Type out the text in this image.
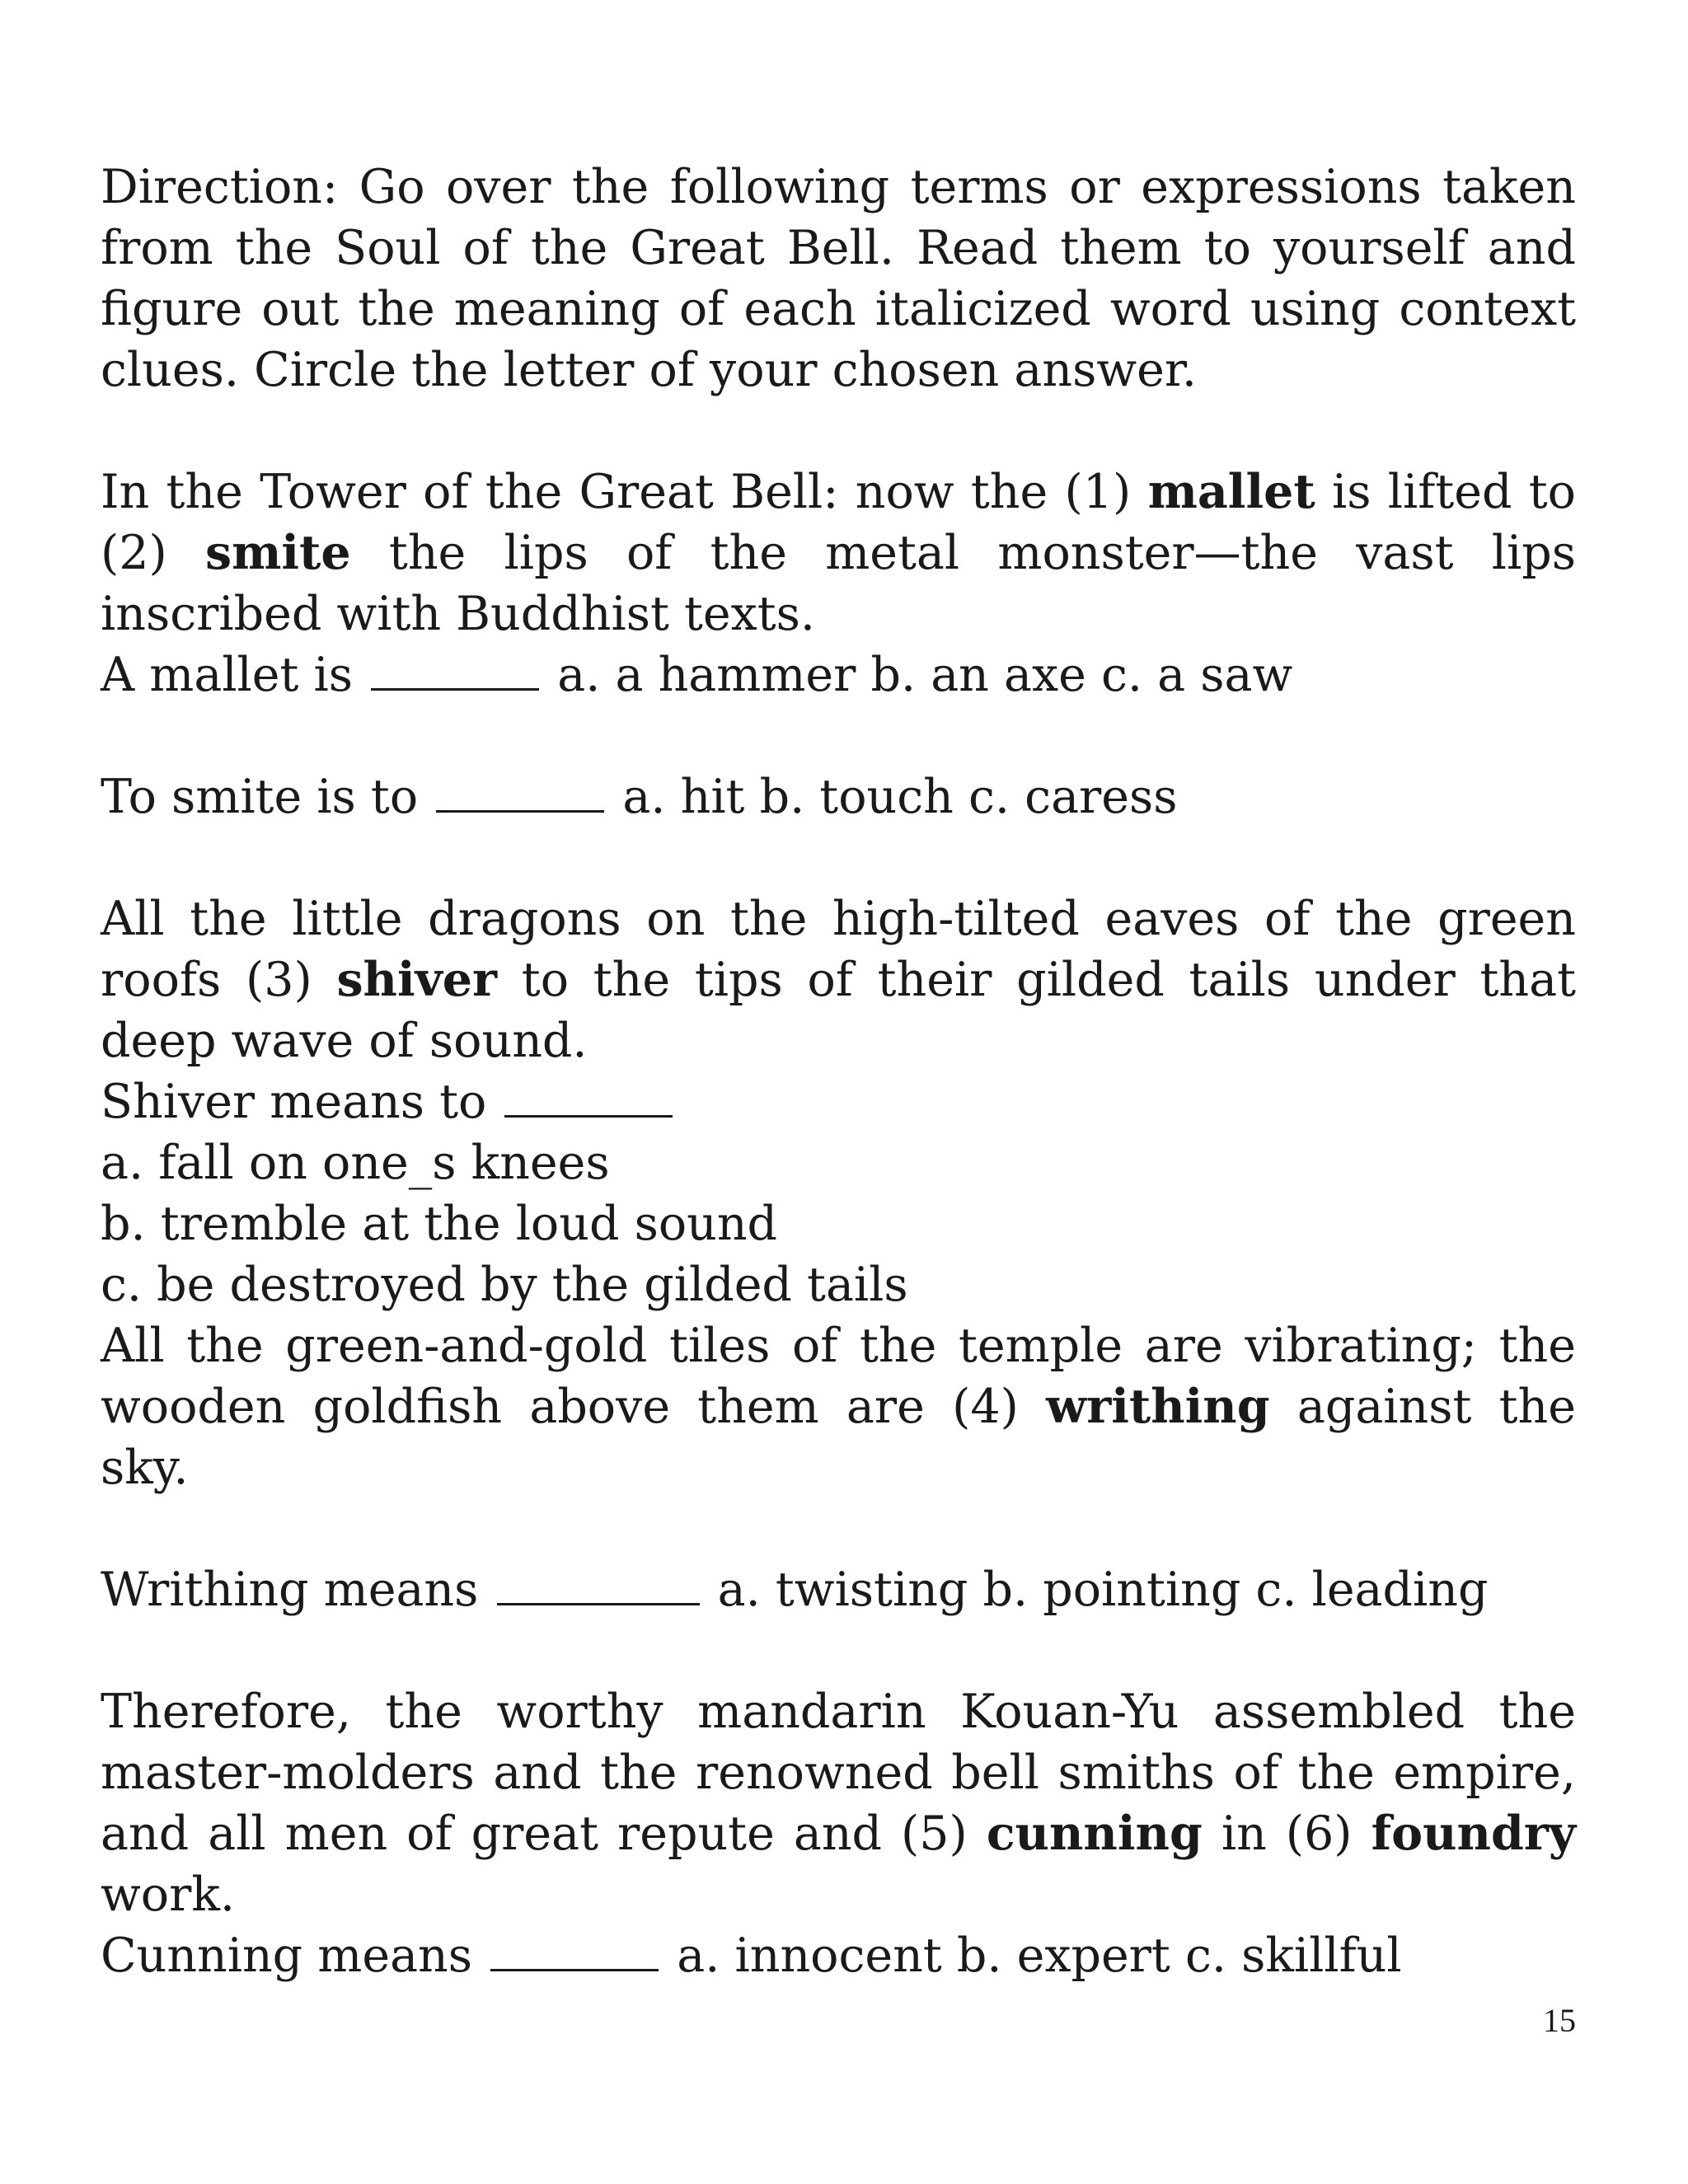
Direction: Go over the following terms or expressions taken from the Soul of the Great Bell. Read them to yourself and figure out the meaning of each italicized word using context clues. Circle the letter of your chosen answer.

In the Tower of the Great Bell: now the (1) mallet is lifted to (2) smite the lips of the metal monster—the vast lips inscribed with Buddhist texts.

A mallet is	a. a hammer b. an axe c. a saw

To smite is to	a. hit b. touch c. caress

All the little dragons on the high-tilted eaves of the green roofs (3) shiver to the tips of their gilded tails under that deep wave of sound.

Shiver means to

a. fall on one_s knees

b. tremble at the loud sound

c. be destroyed by the gilded tails

All the green-and-gold tiles of the temple are vibrating; the wooden goldfish above them are (4) writhing against the sky.

Writhing means	a. twisting b. pointing c. leading

Therefore, the worthy mandarin Kouan-Yu assembled the master-molders and the renowned bell smiths of the empire, and all men of great repute and (5) cunning in (6) foundry work.

Cunning means	a. innocent b. expert c. skillful

15
